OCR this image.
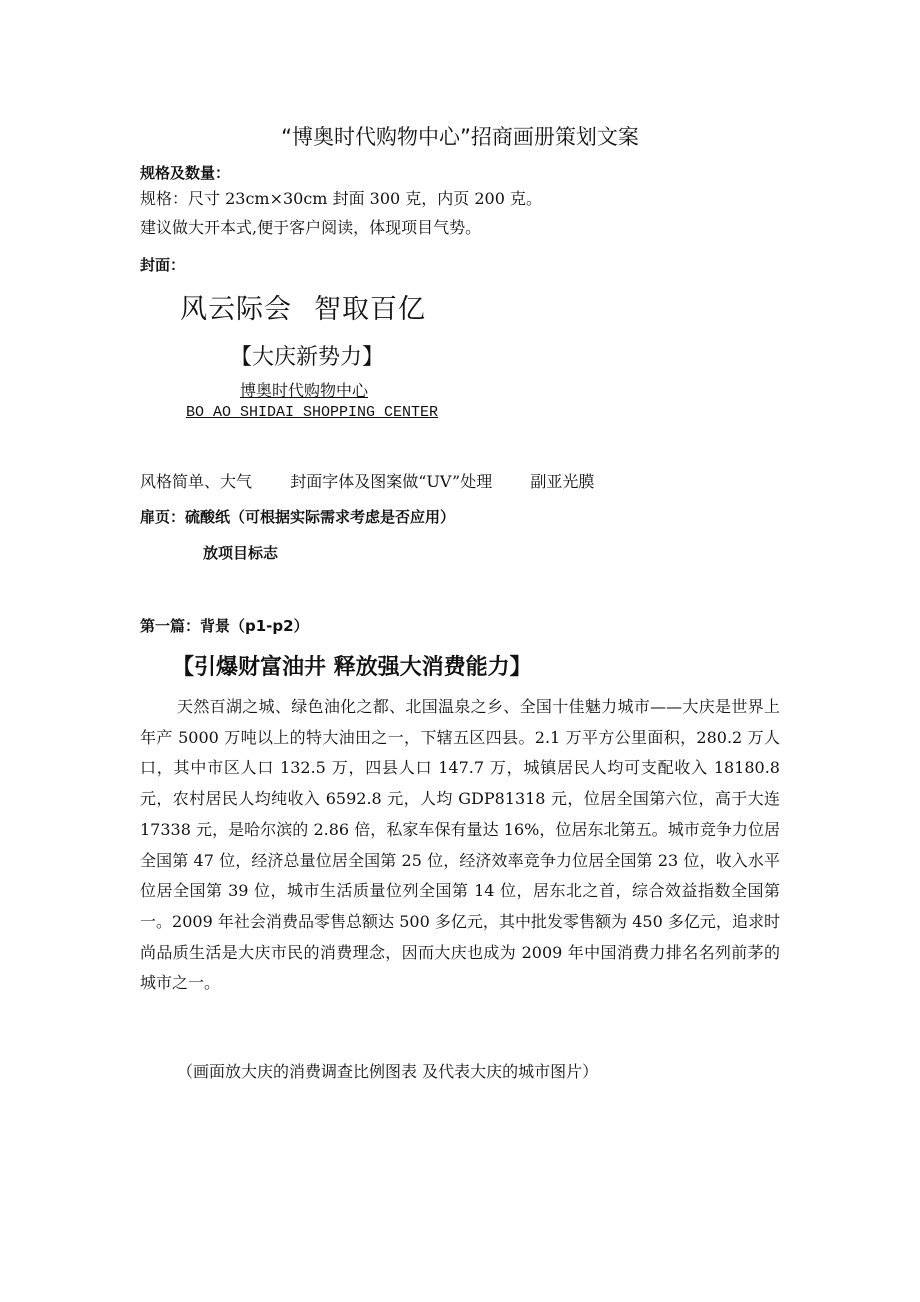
“博奥时代购物中心”招商画册策划文案
规格及数量：
规格：尺寸 23cm×30cm 封面 300 克，内页 200 克。
建议做大开本式,便于客户阅读，体现项目气势。
封面：
风云际会 智取百亿
【大庆新势力】
博奥时代购物中心
BO AO SHIDAI SHOPPING CENTER
风格简单、大气 封面字体及图案做“UV”处理 副亚光膜
扉页：硫酸纸（可根据实际需求考虑是否应用）
放项目标志
第一篇：背景（p1-p2）
【引爆财富油井 释放强大消费能力】

天然百湖之城、绿色油化之都、北国温泉之乡、全国十佳魅力城市——大庆是世界上年产 5000 万吨以上的特大油田之一，下辖五区四县。2.1 万平方公里面积，280.2 万人口，其中市区人口 132.5 万，四县人口 147.7 万，城镇居民人均可支配收入 18180.8 元，农村居民人均纯收入 6592.8 元，人均 GDP81318 元，位居全国第六位，高于大连 17338 元，是哈尔滨的 2.86 倍，私家车保有量达 16%，位居东北第五。城市竞争力位居全国第 47 位，经济总量位居全国第 25 位，经济效率竞争力位居全国第 23 位，收入水平位居全国第 39 位，城市生活质量位列全国第 14 位，居东北之首，综合效益指数全国第一。2009 年社会消费品零售总额达 500 多亿元，其中批发零售额为 450 多亿元，追求时尚品质生活是大庆市民的消费理念，因而大庆也成为 2009 年中国消费力排名名列前茅的城市之一。

（画面放大庆的消费调查比例图表 及代表大庆的城市图片）
